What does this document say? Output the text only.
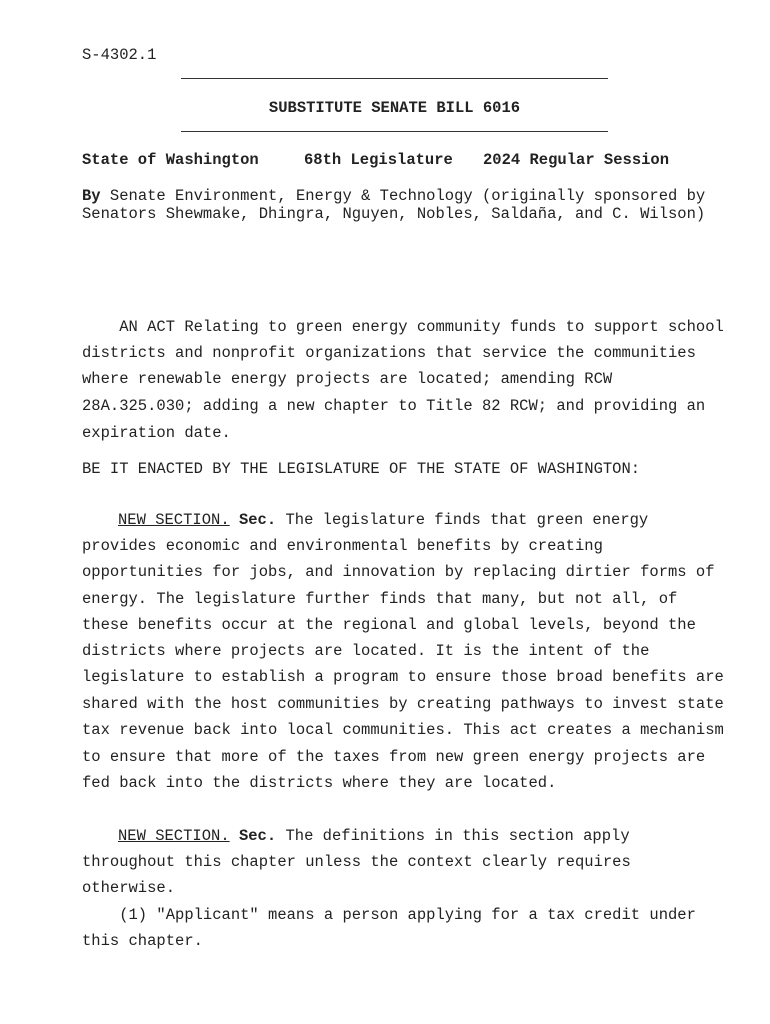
S-4302.1
SUBSTITUTE SENATE BILL 6016
State of Washington	68th Legislature 2024 Regular Session
By Senate Environment, Energy & Technology (originally sponsored by
Senators Shewmake, Dhingra, Nguyen, Nobles, Saldaña, and C. Wilson)
AN ACT Relating to green energy community funds to support school
districts and nonprofit organizations that service the communities
where renewable energy projects are located; amending RCW
28A.325.030; adding a new chapter to Title 82 RCW; and providing an
expiration date.
BE IT ENACTED BY THE LEGISLATURE OF THE STATE OF WASHINGTON:
NEW SECTION. Sec. The legislature finds that green energy
provides economic and environmental benefits by creating
opportunities for jobs, and innovation by replacing dirtier forms of
energy. The legislature further finds that many, but not all, of
these benefits occur at the regional and global levels, beyond the
districts where projects are located. It is the intent of the
legislature to establish a program to ensure those broad benefits are
shared with the host communities by creating pathways to invest state
tax revenue back into local communities. This act creates a mechanism
to ensure that more of the taxes from new green energy projects are
fed back into the districts where they are located.
NEW SECTION. Sec. The definitions in this section apply
throughout this chapter unless the context clearly requires
otherwise.
(1) "Applicant" means a person applying for a tax credit under
this chapter.
